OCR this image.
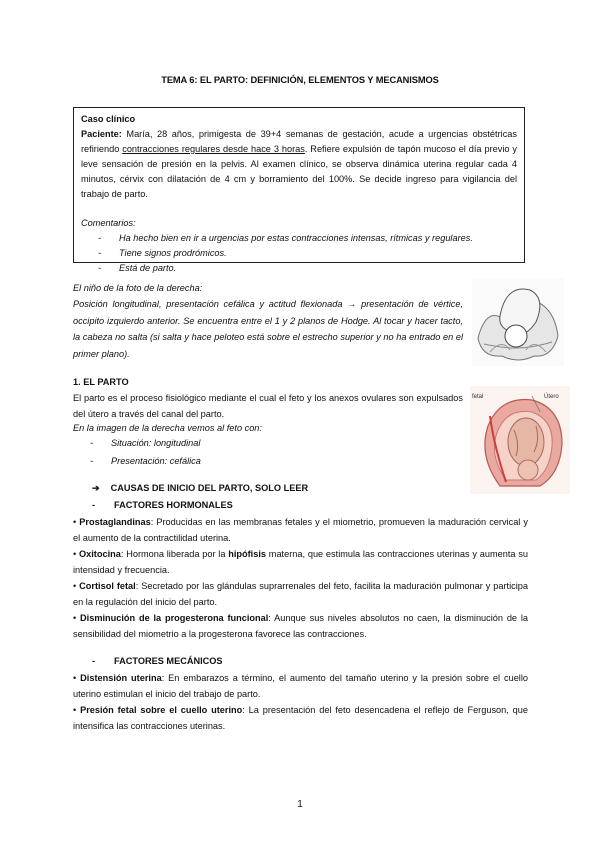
TEMA 6: EL PARTO: DEFINICIÓN, ELEMENTOS Y MECANISMOS

Caso clínico

Paciente: María, 28 años, primigesta de 39+4 semanas de gestación, acude a urgencias obstétricas refiriendo contracciones regulares desde hace 3 horas. Refiere expulsión de tapón mucoso el día previo y leve sensación de presión en la pelvis. Al examen clínico, se observa dinámica uterina regular cada 4 minutos, cérvix con dilatación de 4 cm y borramiento del 100%. Se decide ingreso para vigilancia del trabajo de parto.

Comentarios:

- Ha hecho bien en ir a urgencias por estas contracciones intensas, rítmicas y regulares.
- Tiene signos prodrómicos.
- Está de parto.
El niño de la foto de la derecha:
Posición longitudinal, presentación cefálica y actitud flexionada → presentación de vértice, occipito izquierdo anterior. Se encuentra entre el 1 y 2 planos de Hodge. Al tocar y hacer tacto, la cabeza no salta (si salta y hace peloteo está sobre el estrecho superior y no ha entrado en el primer plano).
1. EL PARTO
El parto es el proceso fisiológico mediante el cual el feto y los anexos ovulares son expulsados del útero a través del canal del parto.
En la imagen de la derecha vemos al feto con:
- Situación: longitudinal
- Presentación: cefálica
Útero
fetal
➔ CAUSAS DE INICIO DEL PARTO, SOLO LEER
- FACTORES HORMONALES
• Prostaglandinas: Producidas en las membranas fetales y el miometrio, promueven la maduración cervical y el aumento de la contractilidad uterina.
• Oxitocina: Hormona liberada por la hipófisis materna, que estimula las contracciones uterinas y aumenta su intensidad y frecuencia.
• Cortisol fetal: Secretado por las glándulas suprarrenales del feto, facilita la maduración pulmonar y participa en la regulación del inicio del parto.
• Disminución de la progesterona funcional: Aunque sus niveles absolutos no caen, la disminución de la sensibilidad del miometrio a la progesterona favorece las contracciones.
- FACTORES MECÁNICOS
• Distensión uterina: En embarazos a término, el aumento del tamaño uterino y la presión sobre el cuello uterino estimulan el inicio del trabajo de parto.
• Presión fetal sobre el cuello uterino: La presentación del feto desencadena el reflejo de Ferguson, que intensifica las contracciones uterinas.
1
